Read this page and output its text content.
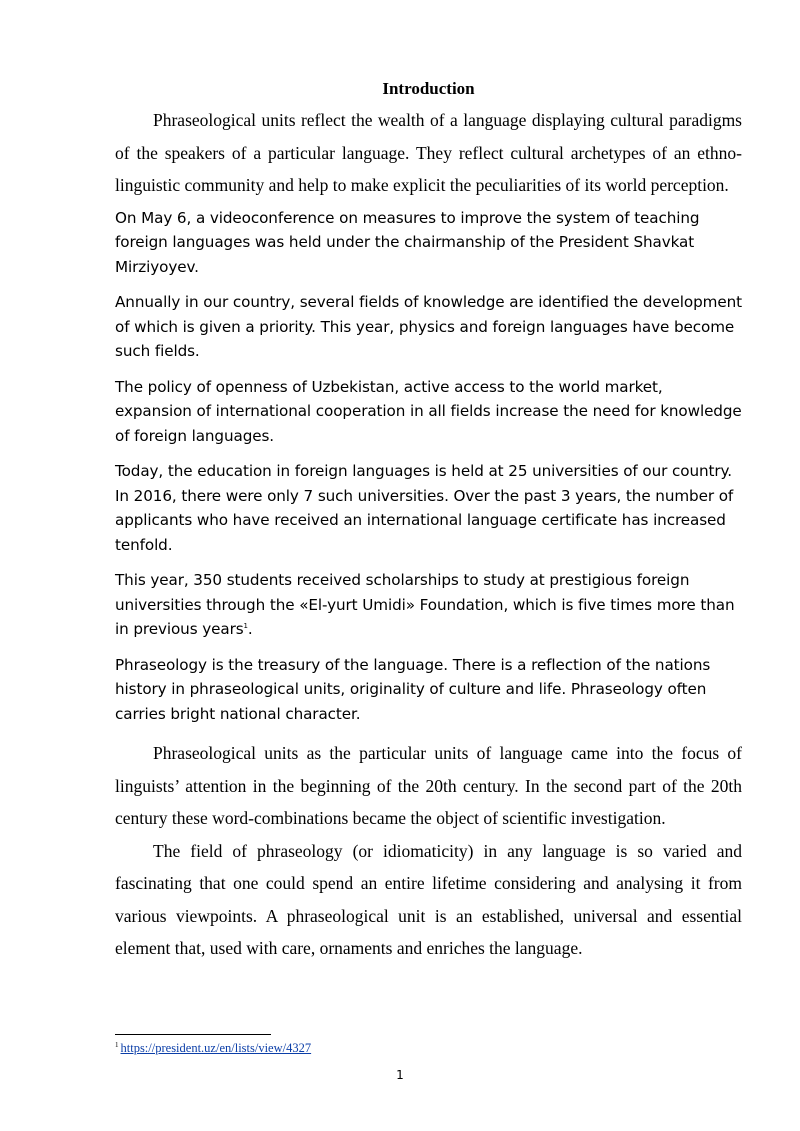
Introduction

Phraseological units reflect the wealth of a language displaying cultural paradigms of the speakers of a particular language. They reflect cultural archetypes of an ethno-linguistic community and help to make explicit the peculiarities of its world perception.

On May 6, a videoconference on measures to improve the system of teaching foreign languages was held under the chairmanship of the President Shavkat Mirziyoyev.

Annually in our country, several fields of knowledge are identified the development of which is given a priority. This year, physics and foreign languages have become such fields.

The policy of openness of Uzbekistan, active access to the world market, expansion of international cooperation in all fields increase the need for knowledge of foreign languages.

Today, the education in foreign languages is held at 25 universities of our country. In 2016, there were only 7 such universities. Over the past 3 years, the number of applicants who have received an international language certificate has increased tenfold.

This year, 350 students received scholarships to study at prestigious foreign universities through the «El-yurt Umidi» Foundation, which is five times more than in previous years$^1$.

Phraseology is the treasury of the language. There is a reflection of the nations history in phraseological units, originality of culture and life. Phraseology often carries bright national character.

Phraseological units as the particular units of language came into the focus of linguists’ attention in the beginning of the 20th century. In the second part of the 20th century these word-combinations became the object of scientific investigation.

The field of phraseology (or idiomaticity) in any language is so varied and fascinating that one could spend an entire lifetime considering and analysing it from various viewpoints. A phraseological unit is an established, universal and essential element that, used with care, ornaments and enriches the language.

$^1$ https://president.uz/en/lists/view/4327
1
